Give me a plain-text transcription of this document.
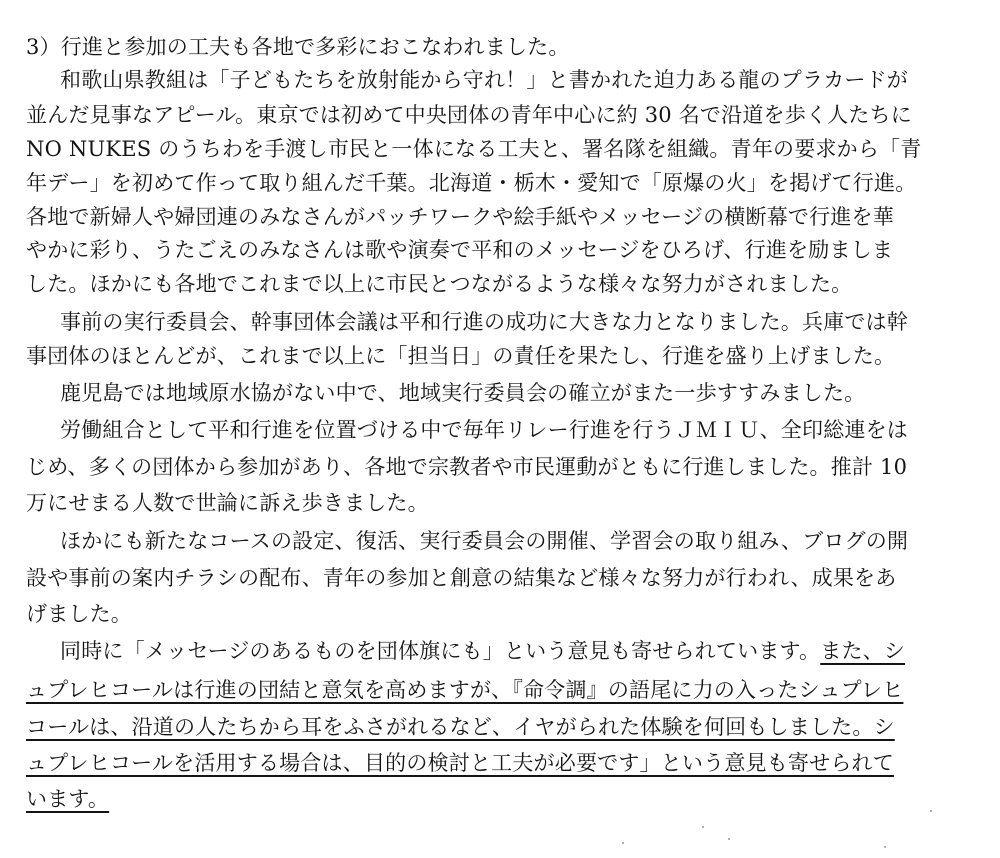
3）行進と参加の工夫も各地で多彩におこなわれました。
和歌山県教組は「子どもたちを放射能から守れ！」と書かれた迫力ある龍のプラカードが
並んだ見事なアピール。東京では初めて中央団体の青年中心に約 30 名で沿道を歩く人たちに
NO NUKES のうちわを手渡し市民と一体になる工夫と、署名隊を組織。青年の要求から「青
年デー」を初めて作って取り組んだ千葉。北海道・栃木・愛知で「原爆の火」を掲げて行進。
各地で新婦人や婦団連のみなさんがパッチワークや絵手紙やメッセージの横断幕で行進を華
やかに彩り、うたごえのみなさんは歌や演奏で平和のメッセージをひろげ、行進を励ましま
した。ほかにも各地でこれまで以上に市民とつながるような様々な努力がされました。
事前の実行委員会、幹事団体会議は平和行進の成功に大きな力となりました。兵庫では幹
事団体のほとんどが、これまで以上に「担当日」の責任を果たし、行進を盛り上げました。
鹿児島では地域原水協がない中で、地域実行委員会の確立がまた一歩すすみました。
労働組合として平和行進を位置づける中で毎年リレー行進を行うＪＭＩＵ、全印総連をは
じめ、多くの団体から参加があり、各地で宗教者や市民運動がともに行進しました。推計 10
万にせまる人数で世論に訴え歩きました。
ほかにも新たなコースの設定、復活、実行委員会の開催、学習会の取り組み、ブログの開
設や事前の案内チラシの配布、青年の参加と創意の結集など様々な努力が行われ、成果をあ
げました。
同時に「メッセージのあるものを団体旗にも」という意見も寄せられています。また、シ
ュプレヒコールは行進の団結と意気を高めますが、『命令調』の語尾に力の入ったシュプレヒ
コールは、沿道の人たちから耳をふさがれるなど、イヤがられた体験を何回もしました。シ
ュプレヒコールを活用する場合は、目的の検討と工夫が必要です」という意見も寄せられて
います。
